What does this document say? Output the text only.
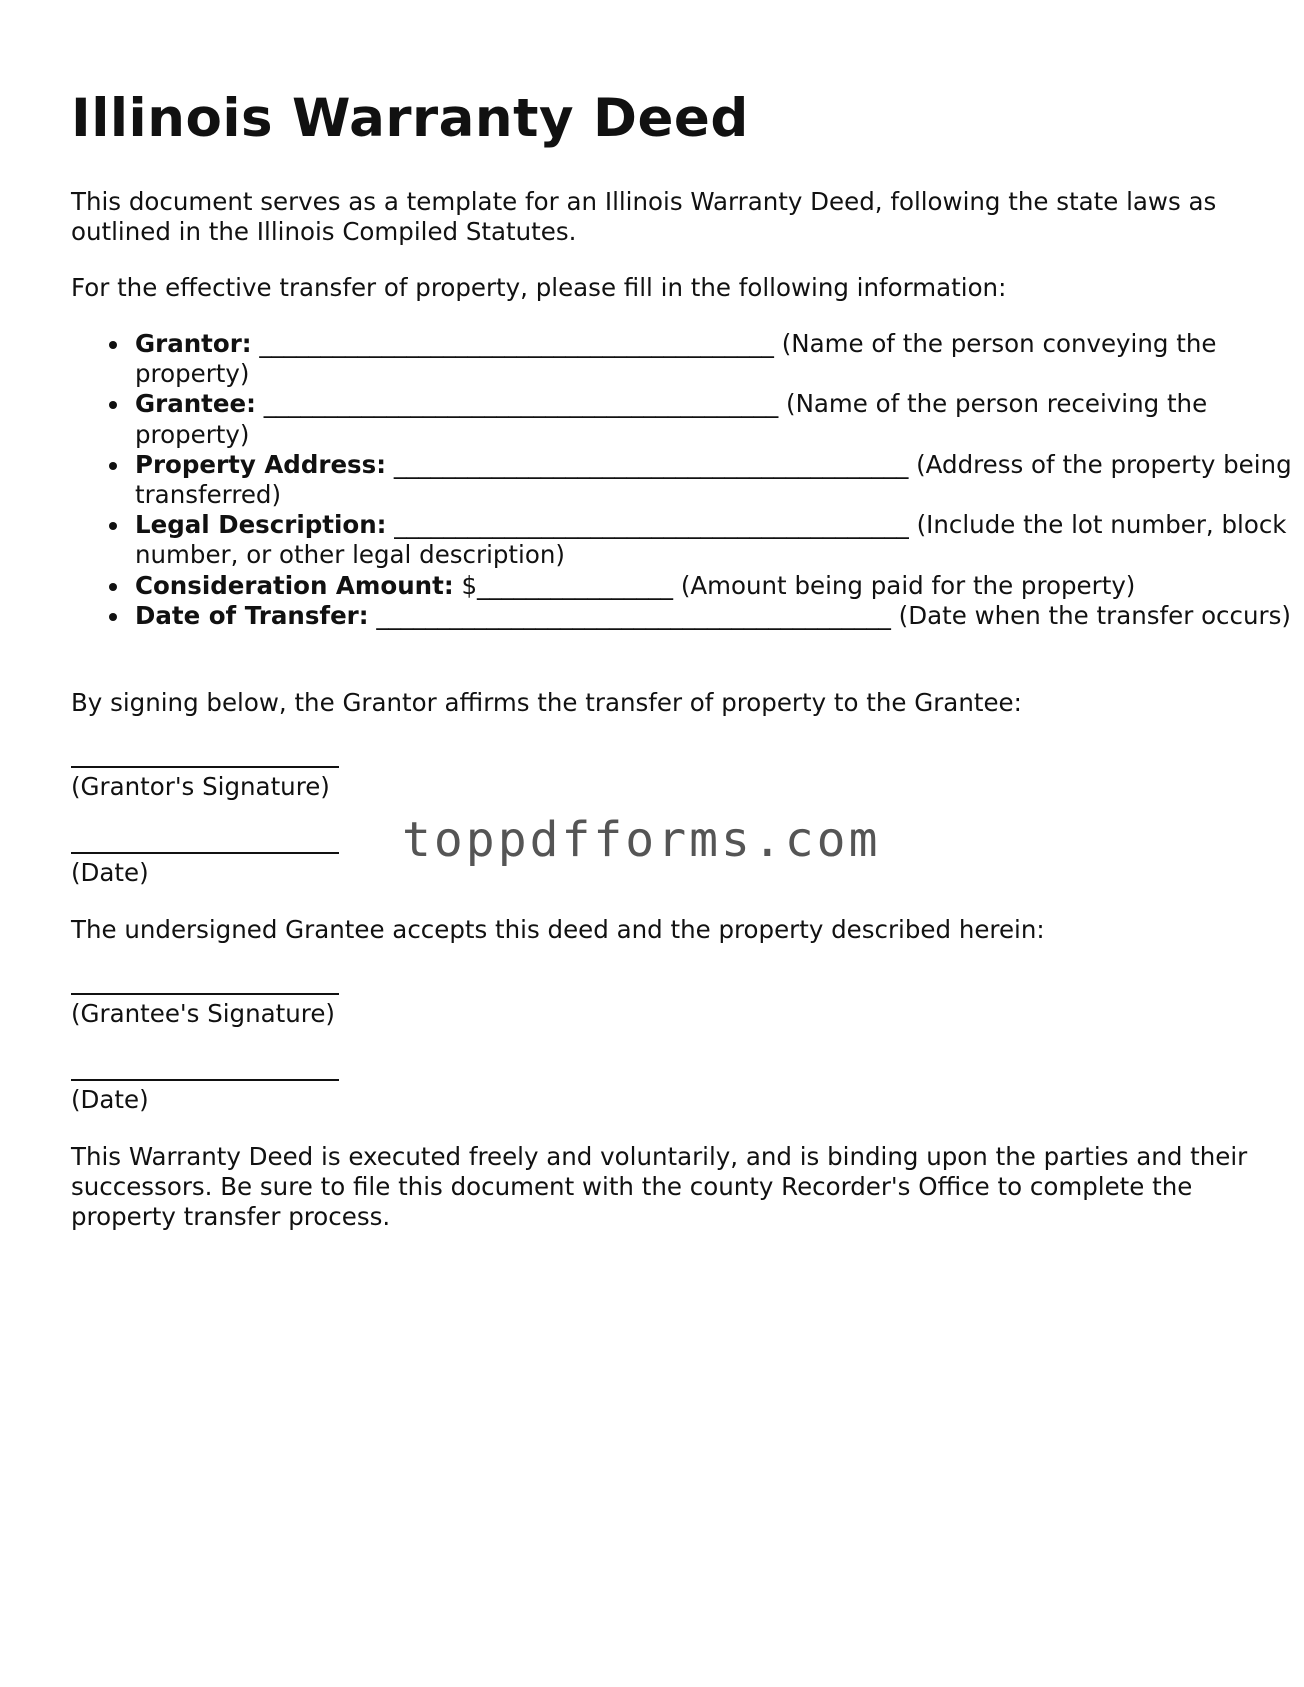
Illinois Warranty Deed

This document serves as a template for an Illinois Warranty Deed, following the state laws as outlined in the Illinois Compiled Statutes.

For the effective transfer of property, please fill in the following information:

Grantor: __________________________________________ (Name of the person conveying the property)
Grantee: __________________________________________ (Name of the person receiving the property)
Property Address: __________________________________________ (Address of the property being transferred)
Legal Description: __________________________________________ (Include the lot number, block number, or other legal description)
Consideration Amount: $________________ (Amount being paid for the property)
Date of Transfer: __________________________________________ (Date when the transfer occurs)

By signing below, the Grantor affirms the transfer of property to the Grantee:

(Grantor's Signature)
(Date)

The undersigned Grantee accepts this deed and the property described herein:

(Grantee's Signature)
(Date)

This Warranty Deed is executed freely and voluntarily, and is binding upon the parties and their successors. Be sure to file this document with the county Recorder's Office to complete the property transfer process.

toppdfforms.com
